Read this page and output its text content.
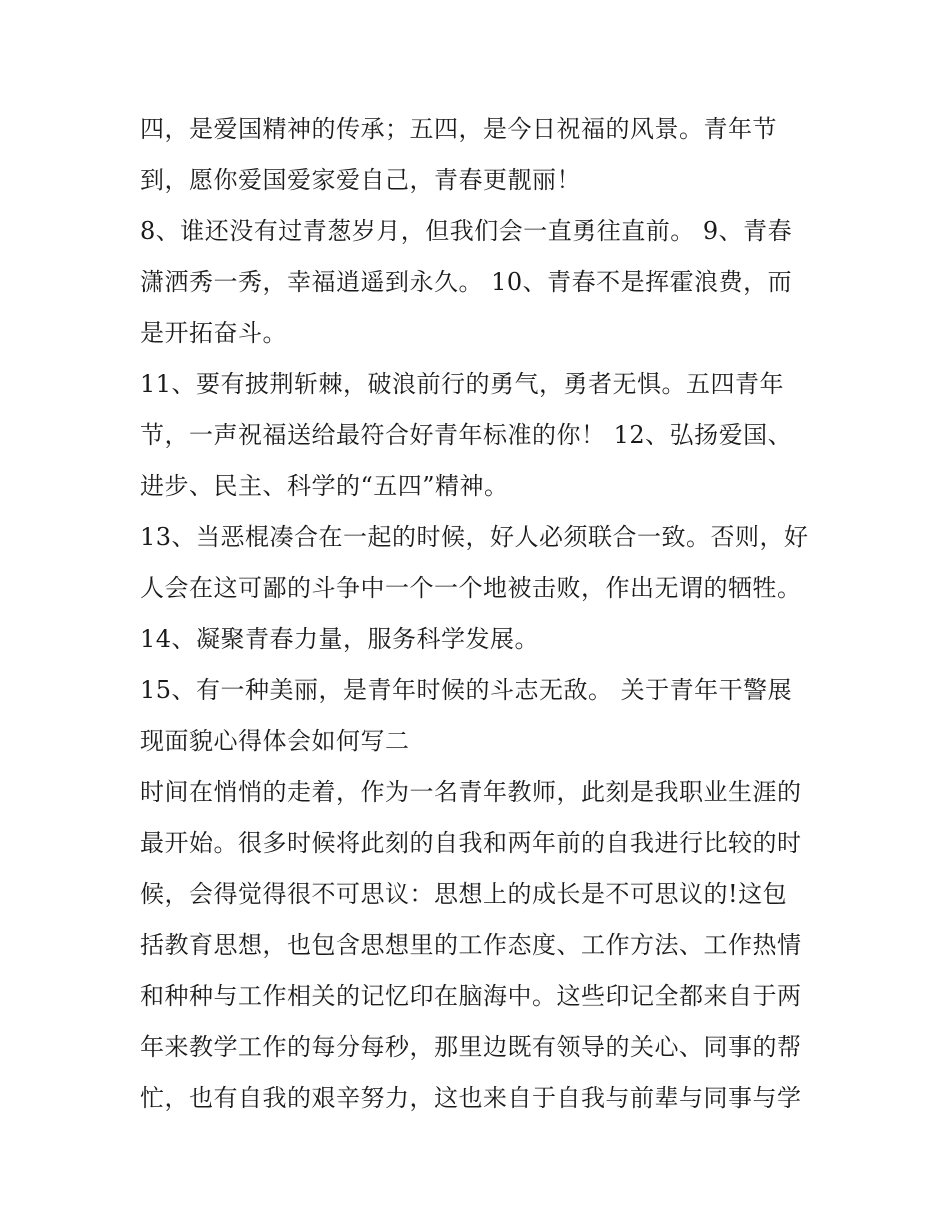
四，是爱国精神的传承；五四，是今日祝福的风景。青年节
到，愿你爱国爱家爱自己，青春更靓丽！
8、谁还没有过青葱岁月，但我们会一直勇往直前。 9、青春
潇洒秀一秀，幸福逍遥到永久。 10、青春不是挥霍浪费，而
是开拓奋斗。
11、要有披荆斩棘，破浪前行的勇气，勇者无惧。五四青年
节，一声祝福送给最符合好青年标准的你！ 12、弘扬爱国、
进步、民主、科学的“五四”精神。
13、当恶棍凑合在一起的时候，好人必须联合一致。否则，好
人会在这可鄙的斗争中一个一个地被击败，作出无谓的牺牲。
14、凝聚青春力量，服务科学发展。
15、有一种美丽，是青年时候的斗志无敌。 关于青年干警展
现面貌心得体会如何写二
时间在悄悄的走着，作为一名青年教师，此刻是我职业生涯的
最开始。很多时候将此刻的自我和两年前的自我进行比较的时
候，会得觉得很不可思议：思想上的成长是不可思议的!这包
括教育思想，也包含思想里的工作态度、工作方法、工作热情
和种种与工作相关的记忆印在脑海中。这些印记全都来自于两
年来教学工作的每分每秒，那里边既有领导的关心、同事的帮
忙，也有自我的艰辛努力，这也来自于自我与前辈与同事与学
